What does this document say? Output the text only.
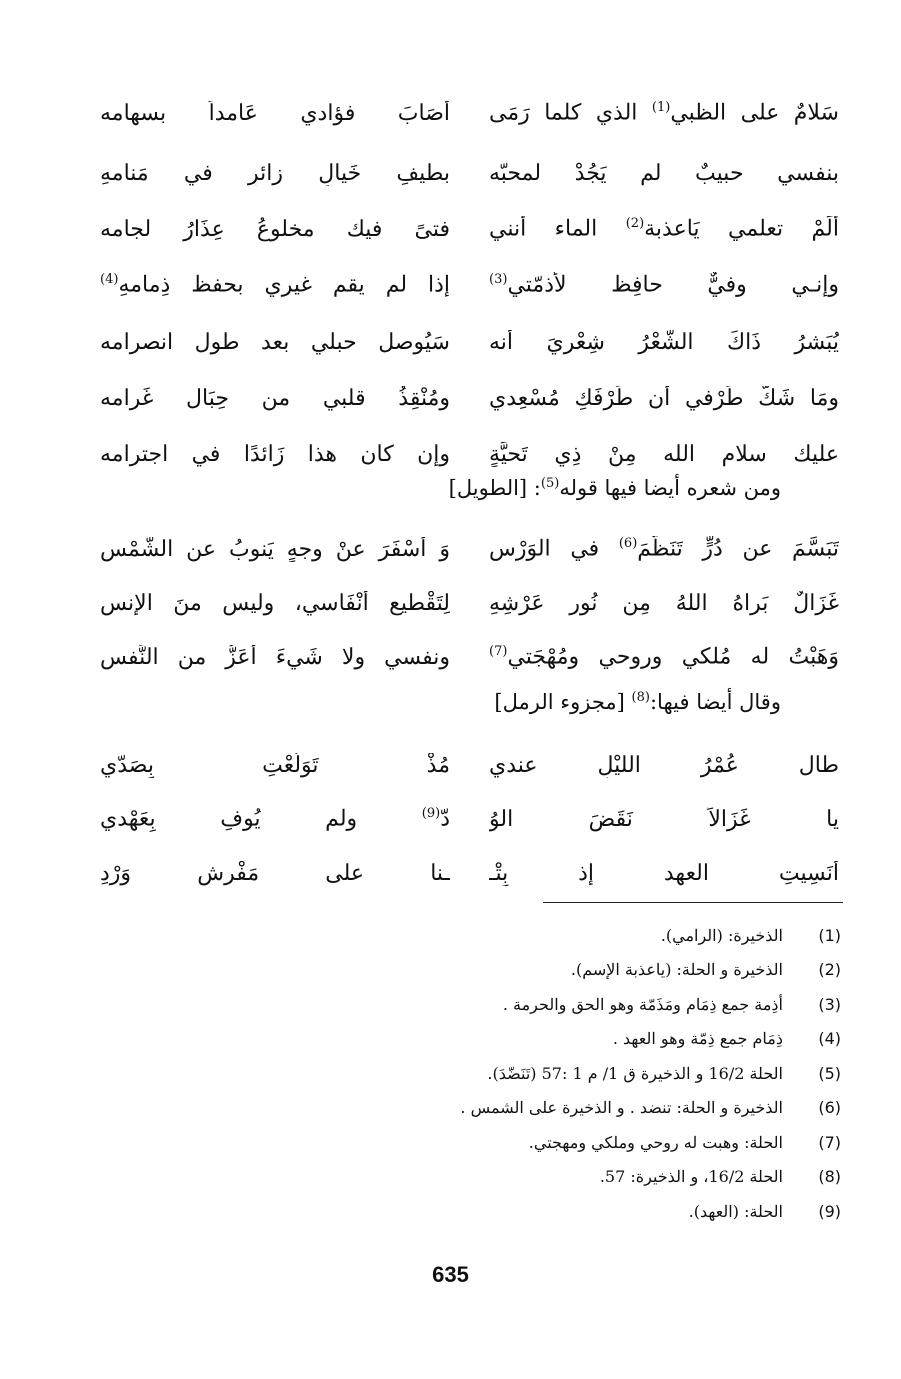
سَلامٌ على الظبي$^{(1)}$ الذي كلما رَمَى
أَصَابَ فؤادي عَامداً بسهامه
بنفسي حبيبٌ لم يَجُدْ لمحبّه
بطيفِ خَيالٍ زائرٍ في مَنامهِ
أَلَمْ تعلمي يَاعذبة$^{(2)}$ الماء أنني
فتىً فيك مخلوعُ عِذَارُ لجامه
وإنـي وفيٌّ حافِظ لأذمّتي$^{(3)}$
إذا لم يقم غيري بحفظ ذِمامهِ$^{(4)}$
يُبَشرُ ذَاكَ الشَّعْرُ شِعْرِيَ أنه
سَيُوصل حبلي بعد طول انصرامه
ومَا شَكَّ طَرْفي أن طَرْفَكِ مُسْعِدي
ومُنْقِذُ قلبي من حِبَال غَرامه
عليك سلام الله مِنْ ذِي تَحيَّةٍ
وإن كان هذا زَائدًا في اجترامه
ومن شعره أيضا فيها قوله$^{(5)}$: [الطويل]
تَبَسَّمَ عن دُرٍّ تَنَظَّمَ$^{(6)}$ في الوَرْسِ
وَ أَسْفَرَ عنْ وجهٍ يَنوبُ عن الشَّمْسِ
غَزَالٌ بَراهُ اللهُ مِن نُورِ عَرْشِهِ
لِتَقْطيعِ أَنْفَاسي، وليس منَ الإنسِ
وَهَبْتُ له مُلكي وروحي ومُهْجَتي$^{(7)}$
ونفسي ولا شَيءَ أَعَزُّ من النَّفسِ
وقال أيضا فيها:$^{(8)}$ [مجزوء الرمل]
طال عُمْرُ الليْلِ عندي
مُذْ تَوَلّعْتِ بِصَدّي
يا غَزَالاً نَقَضَ الوُ
دّ$^{(9)}$ ولم يُوفِ بِعَهْدي
أَنَسِيتِ العهد إذ بِتْـ
ـنا على مَفْرش وَرْدِ
(1)
الذخيرة: (الرامي).
(2)
الذخيرة و الحلة: (ياعذبة الإسم).
(3)
أذِمة جمع ذِمَام ومَذَمّة وهو الحق والحرمة .
(4)
ذِمَام جمع ذِمّة وهو العهد .
(5)
الحلة 16/2 و الذخيرة ق 1/ م 1 :57 (تَنَضّدَ).
(6)
الذخيرة و الحلة: تنضد . و الذخيرة على الشمس .
(7)
الحلة: وهبت له روحي وملكي ومهجتي.
(8)
الحلة 16/2، و الذخيرة: 57.
(9)
الحلة: (العهد).
635
